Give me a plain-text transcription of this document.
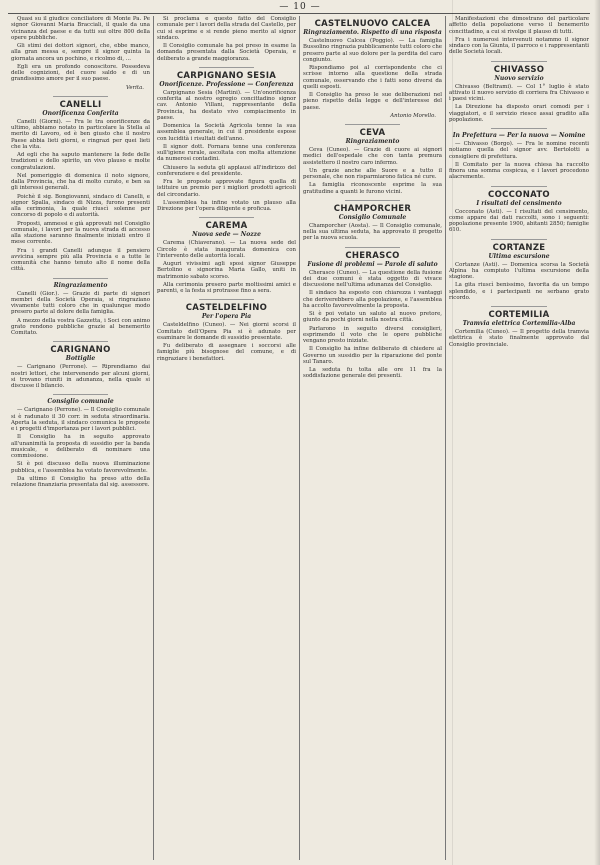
— 10 —

Quasi su il giudice conciliatore di Monte Pa. Pe signor Giovanni Maria Bracciali, il quale da una vicinanza del paese e da tutti sui oltre 800 della opere pubbliche.

Gli stimi dei dottori signori, che, ebbe manco, alla gran messa e, sempre il signor quinta la giornata ancora un pochino, e ricolmo di, ...

Egli era un profondo conoscitore. Possedeva delle cognizioni, del cuore saldo e di un grandissimo amore per il suo paese.

Verita.

CANELLI
Onorificenza Conferita

Canelli (Giorni). — Fra le tra onorificenze da ultimo, abbiamo notato in particolare la Stella al merito di Lavoro, ed è ben giusto che il nostro Paese abbia lieti giorni, e ringrazi per quei lieti che la vita.

Ad egli che ha saputo mantenere la fede delle tradizioni e dello spirito, un vivo plauso e molte congratulazioni.

Nel pomeriggio di domenica il noto signore, dalla Provincia, che ha di molto curato, e ben sa gli interessi generali.

Poichè il sig. Bongiovanni, sindaco di Canelli, e signor Spalla, sindaco di Nizza, furono presenti alla cerimonia, la quale riuscì solenne per concorso di popolo e di autorità.

Proposti, ammessi e già approvati nel Consiglio comunale, i lavori per la nuova strada di accesso alla stazione saranno finalmente iniziati entro il mese corrente.

Fra i grandi Canelli adunque il pensiero avvicina sempre più alla Provincia e a tutte le comunità che hanno tenuto alto il nome della città.

Ringraziamento

Canelli (Gior.). — Grazie di parte di signori membri della Società Operaia, si ringraziano vivamente tutti coloro che in qualunque modo presero parte al dolore della famiglia.

A mezzo della vostra Gazzetta, i Soci con animo grato rendono pubbliche grazie al benemerito Comitato.

CARIGNANO
Bottiglie

— Carignano (Perrone). — Riprendiamo dai nostri lettori, che intervenendo per alcuni giorni, si trovano riuniti in adunanza, nella quale si discusse il bilancio.

Consiglio comunale

— Carignano (Perrone). — Il Consiglio comunale si è radunato il 30 corr. in seduta straordinaria. Aperta la seduta, il sindaco comunica le proposte e i progetti d'importanza per i lavori pubblici.

Il Consiglio ha in seguito approvato all'unanimità la proposta di sussidio per la banda musicale, e deliberato di nominare una commissione.

Si è poi discusso della nuova illuminazione pubblica, e l'assemblea ha votato favorevolmente.

Da ultimo il Consiglio ha preso atto della relazione finanziaria presentata dal sig. assessore.

Si proclama e questo fatto del Consiglio comunale per i lavori della strada del Castello, per cui si esprime e si rende pieno merito al signor sindaco.

Il Consiglio comunale ha poi preso in esame la domanda presentata dalla Società Operaia, e deliberato a grande maggioranza.

CARPIGNANO SESIA
Onorificenze. Professione — Conferenza

Carpignano Sesia (Martini). — Un'onorificenza conferita al nostro egregio concittadino signor cav. Antonio Villani, rappresentante della Provincia, ha destato vivo compiacimento in paese.

Domenica la Società Agricola tenne la sua assemblea generale, in cui il presidente espose con lucidità i risultati dell'anno.

Il signor dott. Fornara tenne una conferenza sull'igiene rurale, ascoltata con molta attenzione da numerosi contadini.

Chiusero la seduta gli applausi all'indirizzo del conferenziere e del presidente.

Fra le proposte approvate figura quella di istituire un premio per i migliori prodotti agricoli del circondario.

L'assemblea ha infine votato un plauso alla Direzione per l'opera diligente e proficua.

CAREMA
Nuova sede — Nozze

Carema (Chiaverano). — La nuova sede del Circolo è stata inaugurata domenica con l'intervento delle autorità locali.

Auguri vivissimi agli sposi signor Giuseppe Bertolino e signorina Maria Gallo, uniti in matrimonio sabato scorso.

Alla cerimonia presero parte moltissimi amici e parenti, e la festa si protrasse fino a sera.

CASTELDELFINO
Per l'opera Pia

Casteldelfino (Cuneo). — Nei giorni scorsi il Comitato dell'Opera Pia si è adunato per esaminare le domande di sussidio presentate.

Fu deliberato di assegnare i soccorsi alle famiglie più bisognose del comune, e di ringraziare i benefattori.

CASTELNUOVO CALCEA
Ringraziamento. Rispetto di una risposta

Castelnuovo Calcea (Poggio). — La famiglia Bussolino ringrazia pubblicamente tutti coloro che presero parte al suo dolore per la perdita del caro congiunto.

Rispondiamo poi al corrispondente che ci scrisse intorno alla questione della strada comunale, osservando che i fatti sono diversi da quelli esposti.

Il Consiglio ha preso le sue deliberazioni nel pieno rispetto della legge e dell'interesse del paese.

Antonio Morello.

CEVA
Ringraziamento

Ceva (Cuneo). — Grazie di cuore ai signori medici dell'ospedale che con tanta premura assistettero il nostro caro infermo.

Un grazie anche alle Suore e a tutto il personale, che non risparmiarono fatica né cure.

La famiglia riconoscente esprime la sua gratitudine a quanti le furono vicini.

CHAMPORCHER
Consiglio Comunale

Champorcher (Aosta). — Il Consiglio comunale, nella sua ultima seduta, ha approvato il progetto per la nuova scuola.

CHERASCO
Fusione di problemi — Parole di saluto

Cherasco (Cuneo). — La questione della fusione dei due comuni è stata oggetto di vivace discussione nell'ultima adunanza del Consiglio.

Il sindaco ha esposto con chiarezza i vantaggi che deriverebbero alla popolazione, e l'assemblea ha accolto favorevolmente la proposta.

Si è poi votato un saluto al nuovo pretore, giunto da pochi giorni nella nostra città.

Parlarono in seguito diversi consiglieri, esprimendo il voto che le opere pubbliche vengano presto iniziate.

Il Consiglio ha infine deliberato di chiedere al Governo un sussidio per la riparazione del ponte sul Tanaro.

La seduta fu tolta alle ore 11 fra la soddisfazione generale dei presenti.

Manifestazioni che dimostrano del particolare affetto della popolazione verso il benemerito concittadino, a cui si rivolge il plauso di tutti.

Fra i numerosi intervenuti notammo il signor sindaco con la Giunta, il parroco e i rappresentanti delle Società locali.

CHIVASSO
Nuovo servizio

Chivasso (Beltrami). — Col 1° luglio è stato attivato il nuovo servizio di corriera fra Chivasso e i paesi vicini.

La Direzione ha disposto orari comodi per i viaggiatori, e il servizio riesce assai gradito alla popolazione.

In Prefettura — Per la nuova — Nomine

— Chivasso (Borgo). — Fra le nomine recenti notiamo quella del signor avv. Bertolotti a consigliere di prefettura.

Il Comitato per la nuova chiesa ha raccolto finora una somma cospicua, e i lavori procedono alacremente.

COCCONATO
I risultati del censimento

Cocconato (Asti). — I risultati del censimento, come appare dai dati raccolti, sono i seguenti: popolazione presente 1900, abitanti 2850; famiglie 610.

CORTANZE
Ultima escursione

Cortanze (Asti). — Domenica scorsa la Società Alpina ha compiuto l'ultima escursione della stagione.

La gita riuscì benissimo, favorita da un tempo splendido, e i partecipanti ne serbano grato ricordo.

CORTEMILIA
Tramvia elettrica Cortemilia-Alba

Cortemilia (Cuneo). — Il progetto della tramvia elettrica è stato finalmente approvato dal Consiglio provinciale.
